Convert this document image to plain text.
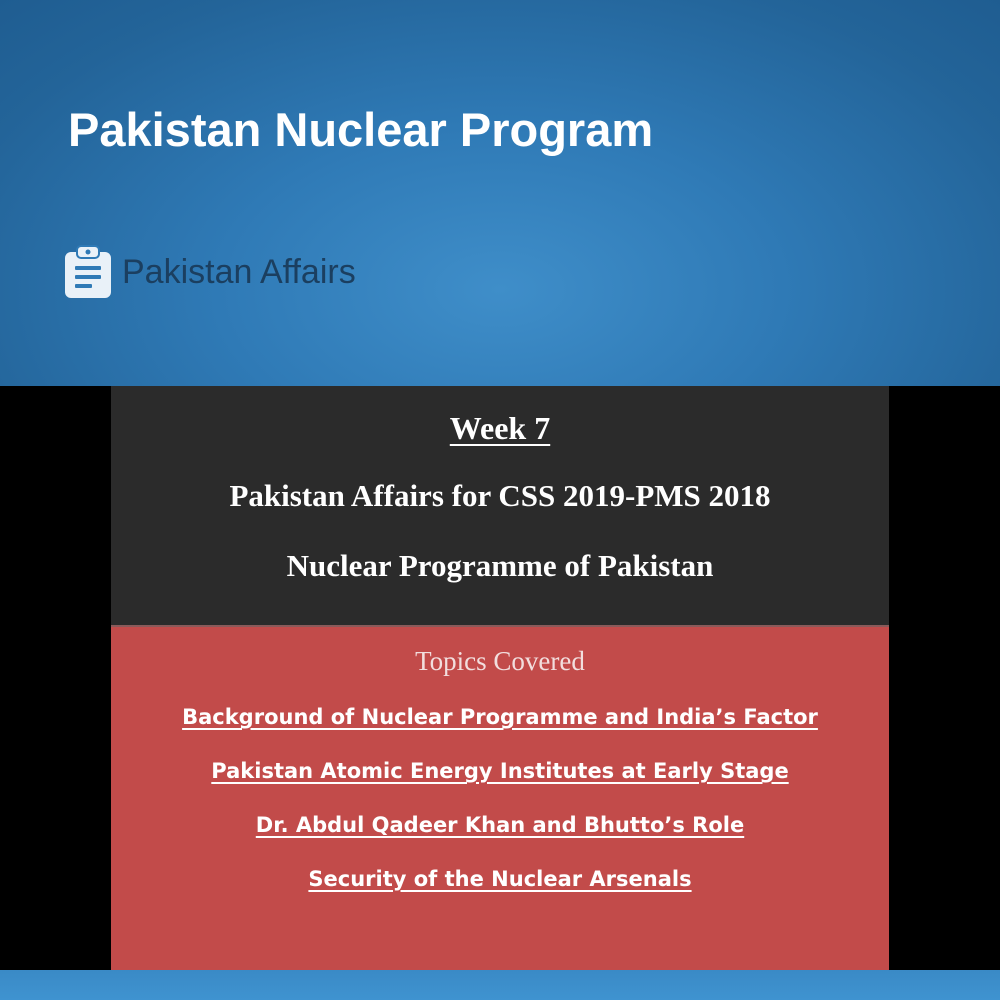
Pakistan Nuclear Program
Pakistan Affairs
Week 7
Pakistan Affairs for CSS 2019-PMS 2018
Nuclear Programme of Pakistan
Topics Covered
Background of Nuclear Programme and India’s Factor
Pakistan Atomic Energy Institutes at Early Stage
Dr. Abdul Qadeer Khan and Bhutto’s Role
Security of the Nuclear Arsenals
